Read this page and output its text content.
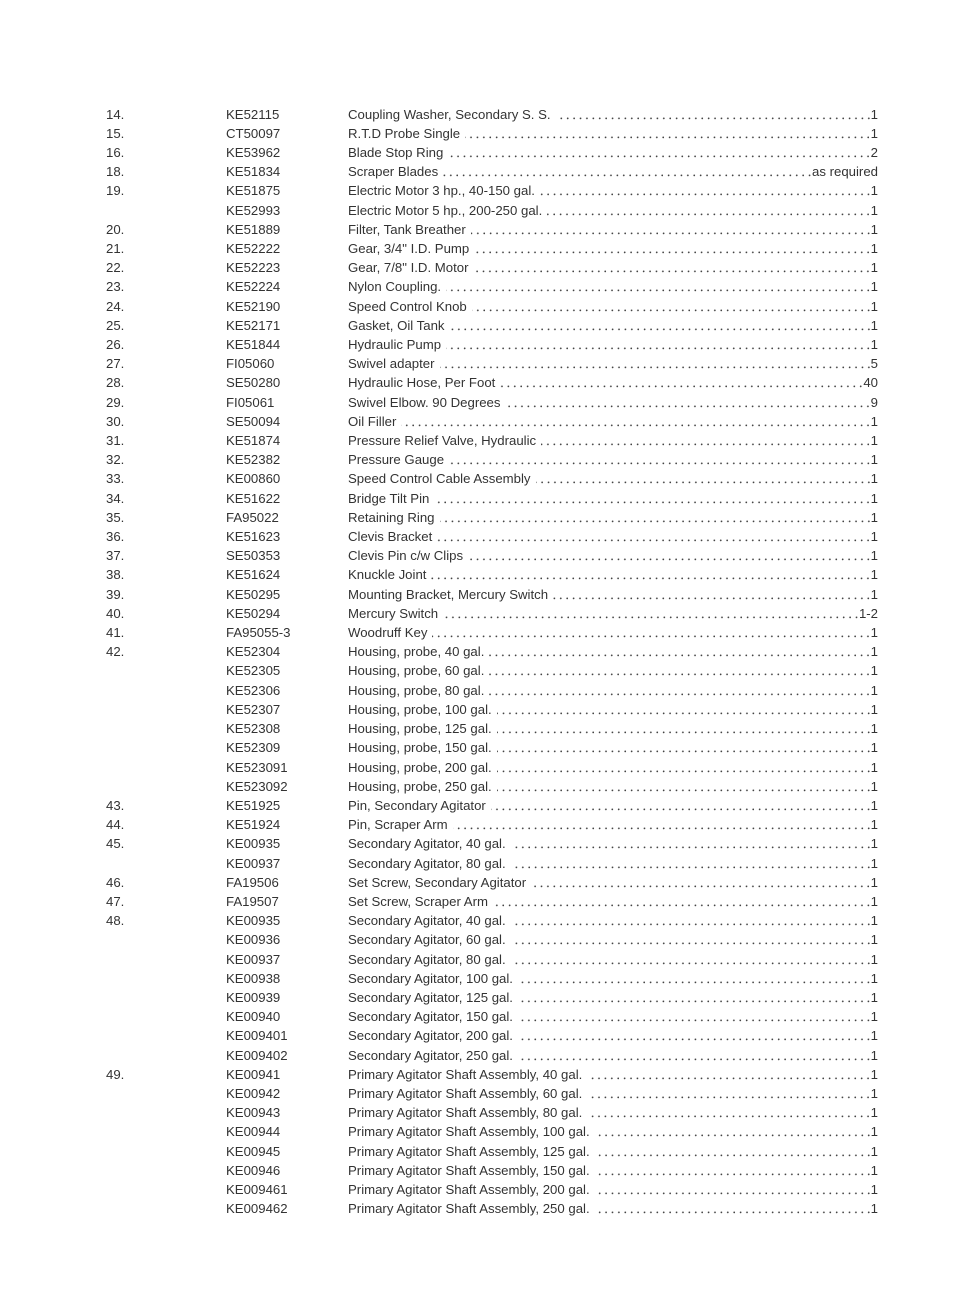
14.	KE52115	Coupling Washer, Secondary S. S.	1
15.	CT50097	R.T.D Probe Single	1
16.	KE53962	Blade Stop Ring	2
18.	KE51834	Scraper Blades	as required
19.	KE51875	Electric Motor 3 hp., 40-150 gal.	1
KE52993	Electric Motor 5 hp., 200-250 gal.	1
20.	KE51889	Filter, Tank Breather	1
21.	KE52222	Gear, 3/4" I.D. Pump	1
22.	KE52223	Gear, 7/8" I.D. Motor	1
23.	KE52224	Nylon Coupling.	1
24.	KE52190	Speed Control Knob	1
25.	KE52171	Gasket, Oil Tank	1
26.	KE51844	Hydraulic Pump	1
27.	FI05060	Swivel adapter	5
28.	SE50280	Hydraulic Hose, Per Foot	40
29.	FI05061	Swivel Elbow. 90 Degrees	9
30.	SE50094	Oil Filler	1
31.	KE51874	Pressure Relief Valve, Hydraulic	1
32.	KE52382	Pressure Gauge	1
33.	KE00860	Speed Control Cable Assembly	1
34.	KE51622	Bridge Tilt Pin	1
35.	FA95022	Retaining Ring	1
36.	KE51623	Clevis Bracket	1
37.	SE50353	Clevis Pin c/w Clips	1
38.	KE51624	Knuckle Joint	1
39.	KE50295	Mounting Bracket, Mercury Switch	1
40.	KE50294	Mercury Switch	1-2
41.	FA95055-3	Woodruff Key	1
42.	KE52304	Housing, probe, 40 gal.	1
KE52305	Housing, probe, 60 gal.	1
KE52306	Housing, probe, 80 gal.	1
KE52307	Housing, probe, 100 gal.	1
KE52308	Housing, probe, 125 gal.	1
KE52309	Housing, probe, 150 gal.	1
KE523091	Housing, probe, 200 gal.	1
KE523092	Housing, probe, 250 gal.	1
43.	KE51925	Pin, Secondary Agitator	1
44.	KE51924	Pin, Scraper Arm	1
45.	KE00935	Secondary Agitator, 40 gal.	1
KE00937	Secondary Agitator, 80 gal.	1
46.	FA19506	Set Screw, Secondary Agitator	1
47.	FA19507	Set Screw, Scraper Arm	1
48.	KE00935	Secondary Agitator, 40 gal.	1
KE00936	Secondary Agitator, 60 gal.	1
KE00937	Secondary Agitator, 80 gal.	1
KE00938	Secondary Agitator, 100 gal.	1
KE00939	Secondary Agitator, 125 gal.	1
KE00940	Secondary Agitator, 150 gal.	1
KE009401	Secondary Agitator, 200 gal.	1
KE009402	Secondary Agitator, 250 gal.	1
49.	KE00941	Primary Agitator Shaft Assembly, 40 gal.	1
KE00942	Primary Agitator Shaft Assembly, 60 gal.	1
KE00943	Primary Agitator Shaft Assembly, 80 gal.	1
KE00944	Primary Agitator Shaft Assembly, 100 gal.	1
KE00945	Primary Agitator Shaft Assembly, 125 gal.	1
KE00946	Primary Agitator Shaft Assembly, 150 gal.	1
KE009461	Primary Agitator Shaft Assembly, 200 gal.	1
KE009462	Primary Agitator Shaft Assembly, 250 gal.	1
